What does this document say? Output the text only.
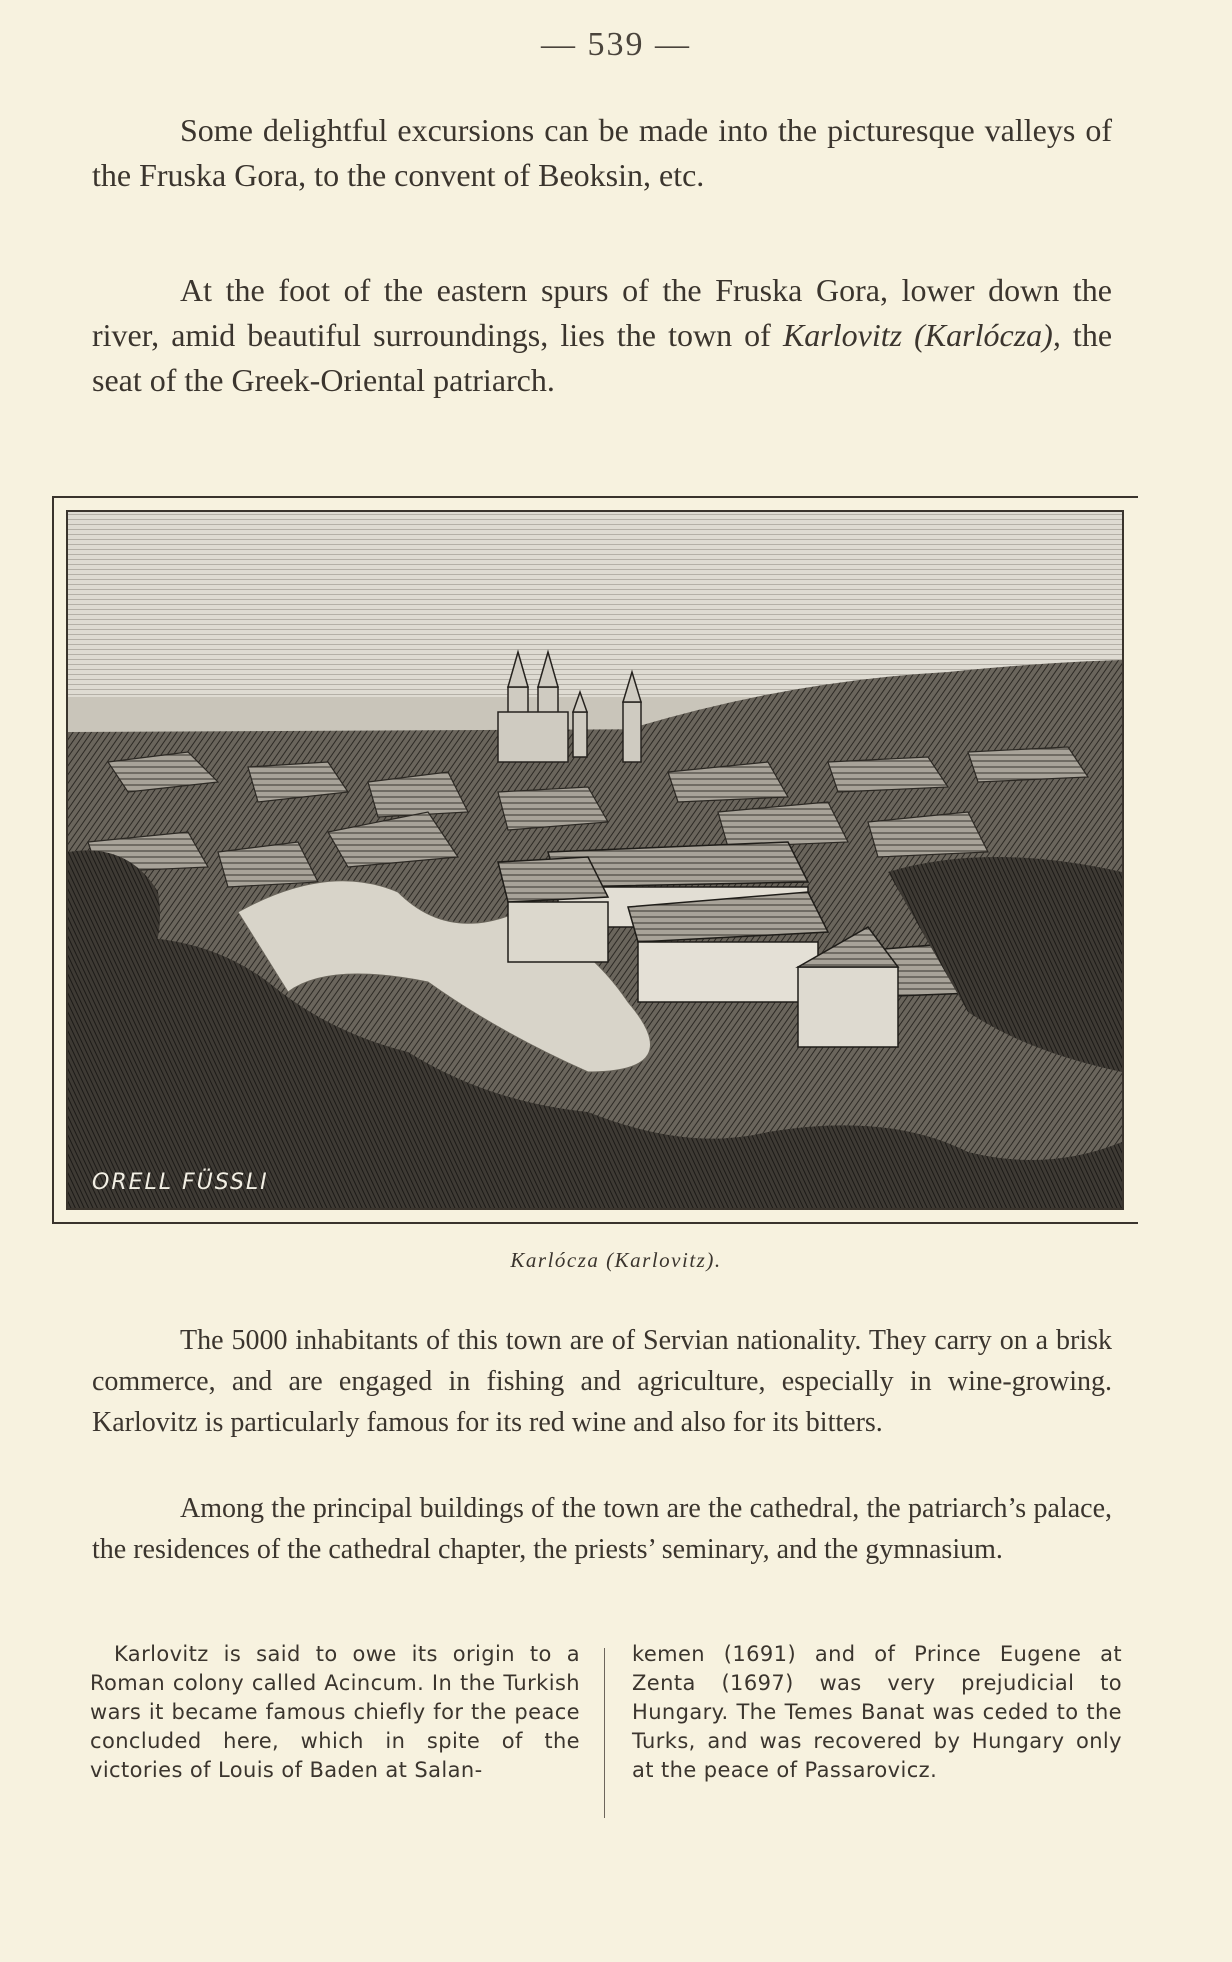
— 539 —

Some delightful excursions can be made into the picturesque valleys of the Fruska Gora, to the convent of Beoksin, etc.

At the foot of the eastern spurs of the Fruska Gora, lower down the river, amid beautiful surroundings, lies the town of Karlovitz (Karlócza), the seat of the Greek-Oriental patriarch.

ORELL FÜSSLI
Karlócza (Karlovitz).

The 5000 inhabitants of this town are of Servian nationality. They carry on a brisk commerce, and are engaged in fishing and agriculture, especially in wine-growing. Karlovitz is particularly famous for its red wine and also for its bitters.

Among the principal buildings of the town are the cathedral, the patriarch’s palace, the residences of the cathedral chapter, the priests’ seminary, and the gymnasium.

Karlovitz is said to owe its origin to a Roman colony called Acincum. In the Turkish wars it became famous chiefly for the peace concluded here, which in spite of the victories of Louis of Baden at Salan-

kemen (1691) and of Prince Eugene at Zenta (1697) was very prejudicial to Hungary. The Temes Banat was ceded to the Turks, and was recovered by Hungary only at the peace of Passarovicz.
